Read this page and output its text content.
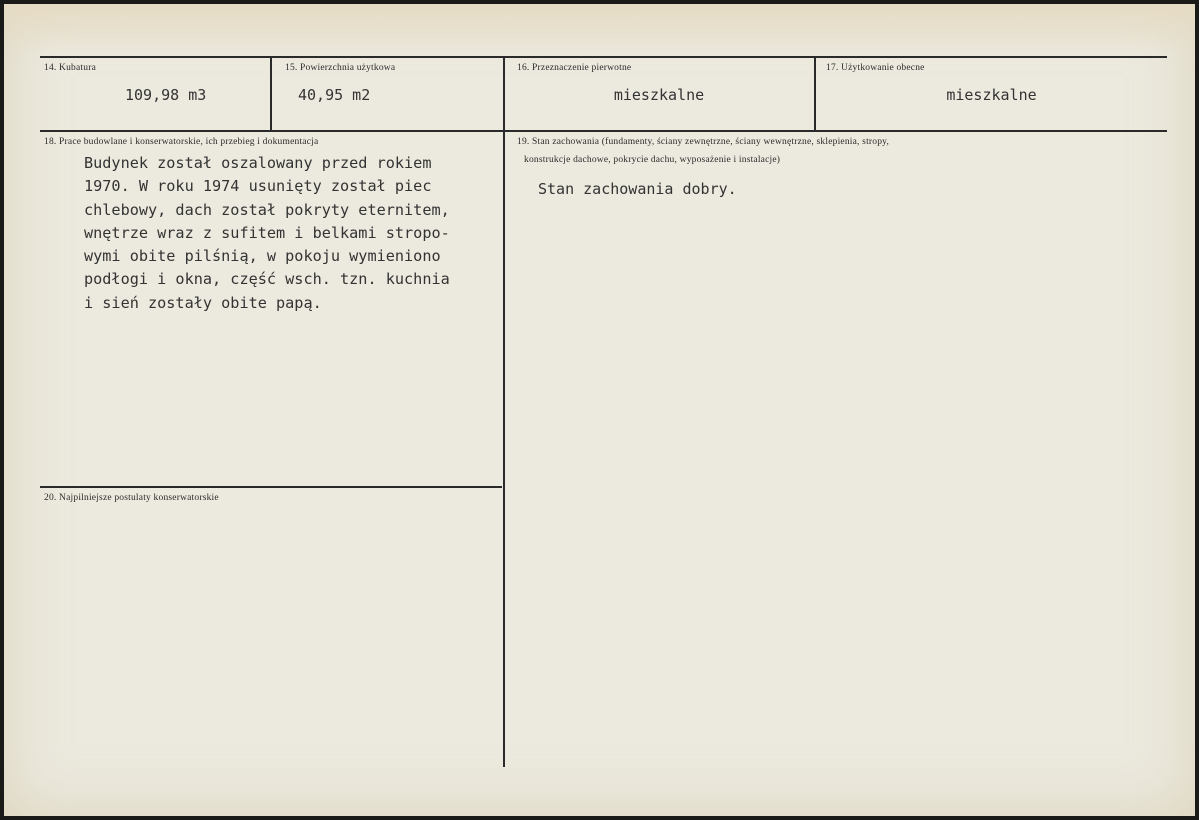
14. Kubatura
109,98 m3
15. Powierzchnia użytkowa
40,95 m2
16. Przeznaczenie pierwotne
mieszkalne
17. Użytkowanie obecne
mieszkalne
18. Prace budowlane i konserwatorskie, ich przebieg i dokumentacja
Budynek został oszalowany przed rokiem
1970. W roku 1974 usunięty został piec
chlebowy, dach został pokryty eternitem,
wnętrze wraz z sufitem i belkami stropo-
wymi obite pilśnią, w pokoju wymieniono
podłogi i okna, część wsch. tzn. kuchnia
i sień zostały obite papą.
19. Stan zachowania (fundamenty, ściany zewnętrzne, ściany wewnętrzne, sklepienia, stropy,
konstrukcje dachowe, pokrycie dachu, wyposażenie i instalacje)
Stan zachowania dobry.
20. Najpilniejsze postulaty konserwatorskie
